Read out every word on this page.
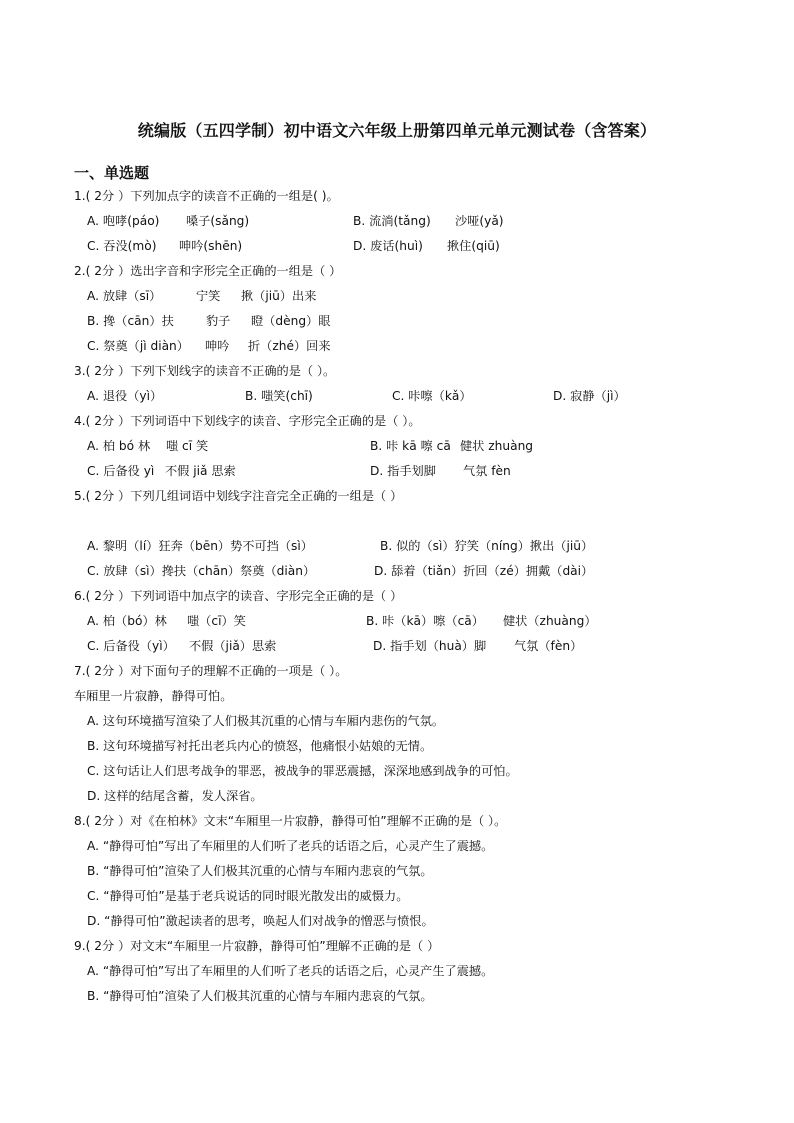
统编版（五四学制）初中语文六年级上册第四单元单元测试卷（含答案）
一、单选题
1.( 2分 ）下列加点字的读音不正确的一组是( )。
A. 咆哮(páo) 嗓子(sǎng)	B. 流淌(tǎng) 沙哑(yǎ)
C. 吞没(mò) 呻吟(shēn)	D. 废话(huì) 揪住(qiū)
2.( 2分 ）选出字音和字形完全正确的一组是（ ）
A. 放肆（sī）	宁笑 揪（jiū）出来
B. 搀（cān）扶	豹子 瞪（dèng）眼
C. 祭奠（jì diàn） 呻吟 折（zhé）回来
3.( 2分 ）下列下划线字的读音不正确的是（ ）。
A. 退役（yì）	B. 嗤笑(chī)	C. 咔嚓（kǎ）	D. 寂静（jì）
4.( 2分 ）下列词语中下划线字的读音、字形完全正确的是（ ）。
A. 柏 bó 林 嗤 cī 笑	B. 咔 kā 嚓 cā 健状 zhuàng
C. 后备役 yì 不假 jiǎ 思索	D. 指手划脚 气氛 fèn
5.( 2分 ）下列几组词语中划线字注音完全正确的一组是（ ）
A. 黎明（lí）狂奔（bēn）势不可挡（sì）	B. 似的（sì）狞笑（níng）揪出（jiū）
C. 放肆（sì）搀扶（chān）祭奠（diàn）	D. 舔着（tiǎn）折回（zé）拥戴（dài）
6.( 2分 ）下列词语中加点字的读音、字形完全正确的是（ ）
A. 柏（bó）林 嗤（cī）笑	B. 咔（kā）嚓（cā） 健状（zhuàng）
C. 后备役（yì） 不假（jiǎ）思索	D. 指手划（huà）脚 气氛（fèn）
7.( 2分 ）对下面句子的理解不正确的一项是（ ）。
车厢里一片寂静，静得可怕。
A. 这句环境描写渲染了人们极其沉重的心情与车厢内悲伤的气氛。
B. 这句环境描写衬托出老兵内心的愤怒，他痛恨小姑娘的无情。
C. 这句话让人们思考战争的罪恶，被战争的罪恶震撼，深深地感到战争的可怕。
D. 这样的结尾含蓄，发人深省。
8.( 2分 ）对《在柏林》文末“车厢里一片寂静，静得可怕”理解不正确的是（ ）。
A. “静得可怕”写出了车厢里的人们听了老兵的话语之后，心灵产生了震撼。
B. “静得可怕”渲染了人们极其沉重的心情与车厢内悲哀的气氛。
C. “静得可怕”是基于老兵说话的同时眼光散发出的威慑力。
D. “静得可怕”激起读者的思考，唤起人们对战争的憎恶与愤恨。
9.( 2分 ）对文末“车厢里一片寂静，静得可怕”理解不正确的是（ ）
A. “静得可怕”写出了车厢里的人们听了老兵的话语之后，心灵产生了震撼。
B. “静得可怕”渲染了人们极其沉重的心情与车厢内悲哀的气氛。
